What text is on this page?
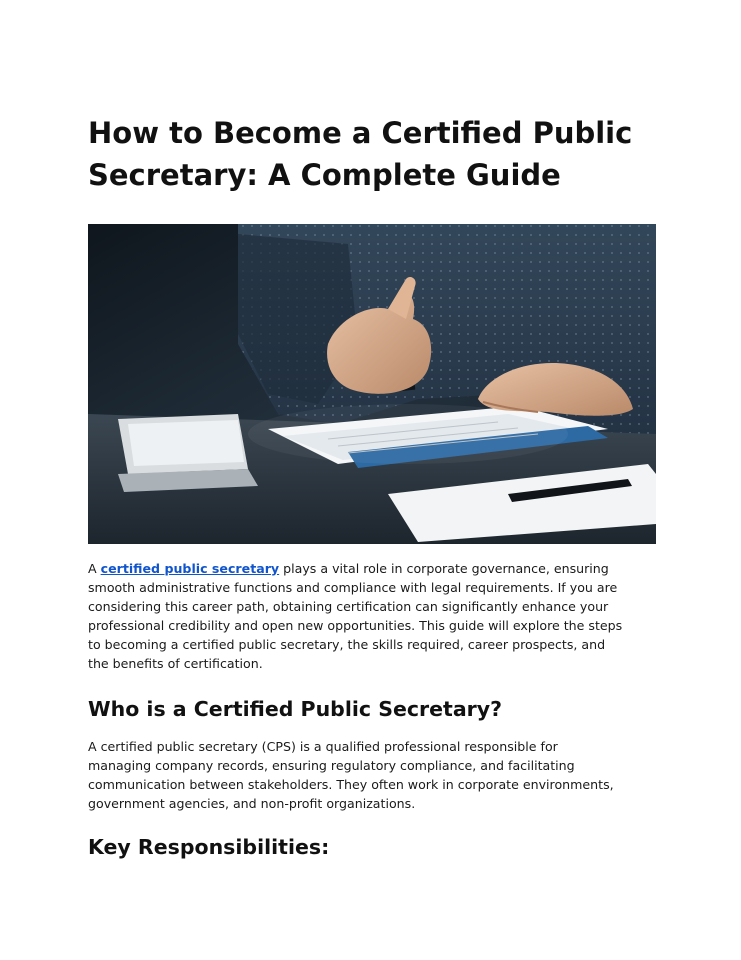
How to Become a Certified Public
Secretary: A Complete Guide

A certified public secretary plays a vital role in corporate governance, ensuring
smooth administrative functions and compliance with legal requirements. If you are
considering this career path, obtaining certification can significantly enhance your
professional credibility and open new opportunities. This guide will explore the steps
to becoming a certified public secretary, the skills required, career prospects, and
the benefits of certification.

Who is a Certified Public Secretary?

A certified public secretary (CPS) is a qualified professional responsible for
managing company records, ensuring regulatory compliance, and facilitating
communication between stakeholders. They often work in corporate environments,
government agencies, and non-profit organizations.

Key Responsibilities:
